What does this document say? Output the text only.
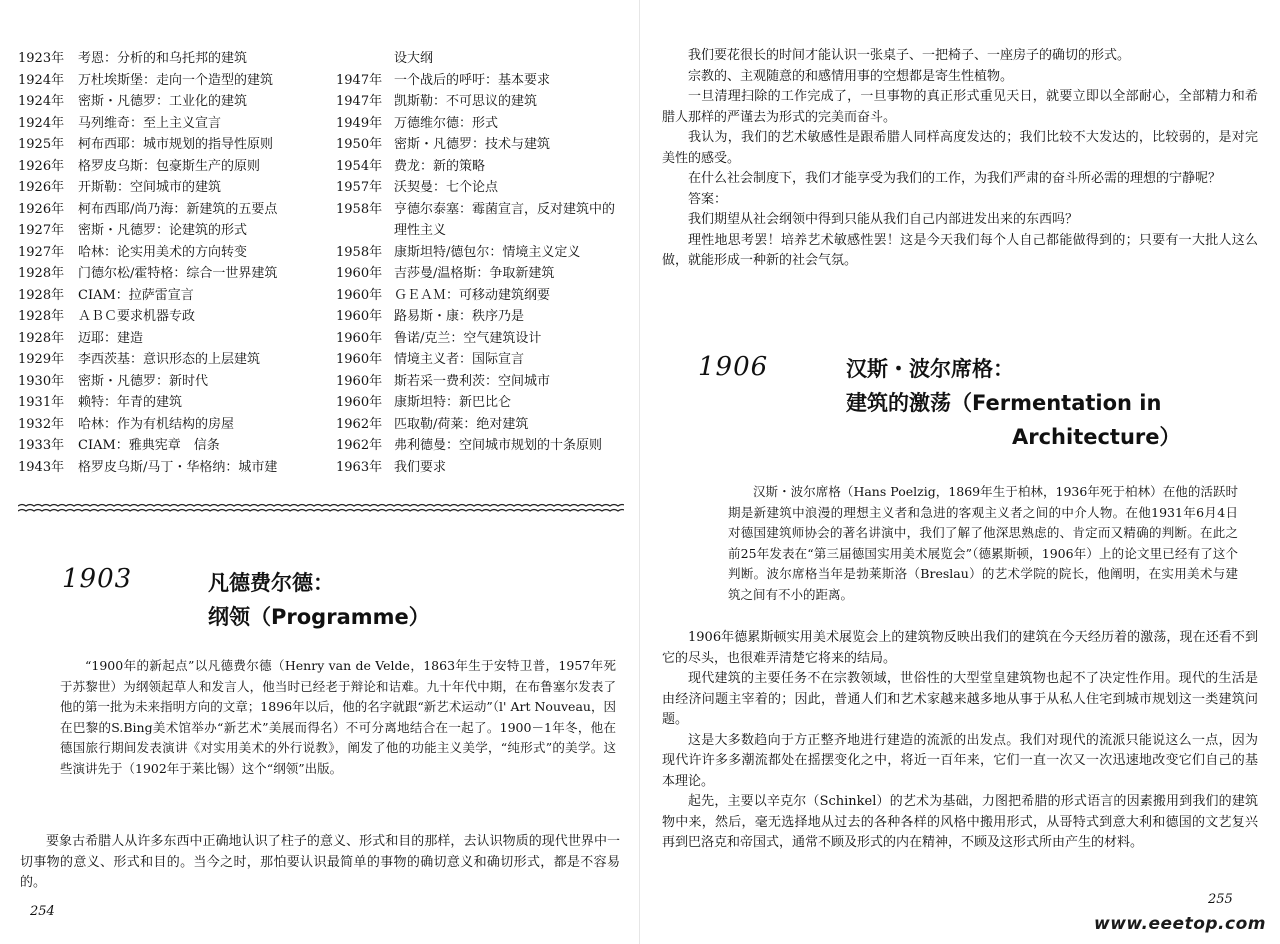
1923年	考恩：分析的和乌托邦的建筑
1924年	万杜埃斯堡：走向一个造型的建筑
1924年	密斯・凡德罗：工业化的建筑
1924年	马列维奇：至上主义宣言
1925年	柯布西耶：城市规划的指导性原则
1926年	格罗皮乌斯：包豪斯生产的原则
1926年	开斯勒：空间城市的建筑
1926年	柯布西耶/尚乃海：新建筑的五要点
1927年	密斯・凡德罗：论建筑的形式
1927年	哈林：论实用美术的方向转变
1928年	门德尔松/霍特格：综合一世界建筑
1928年	CIAM：拉萨雷宣言
1928年	ＡＢＣ要求机器专政
1928年	迈耶：建造
1929年	李西茨基：意识形态的上层建筑
1930年	密斯・凡德罗：新时代
1931年	赖特：年青的建筑
1932年	哈林：作为有机结构的房屋
1933年	CIAM：雅典宪章　信条
1943年	格罗皮乌斯/马丁・华格纳：城市建
设大纲
1947年 一个战后的呼吁：基本要求
1947年 凯斯勒：不可思议的建筑
1949年 万德维尔德：形式
1950年 密斯・凡德罗：技术与建筑
1954年 费龙：新的策略
1957年 沃契曼：七个论点
1958年 亨德尔泰塞：霉菌宣言，反对建筑中的理性主义
1958年 康斯坦特/德包尔：情境主义定义
1960年 吉莎曼/温格斯：争取新建筑
1960年 ＧＥＡＭ：可移动建筑纲要
1960年 路易斯・康：秩序乃是
1960年 鲁诺/克兰：空气建筑设计
1960年 情境主义者：国际宣言
1960年 斯若采一费利茨：空间城市
1960年 康斯坦特：新巴比仑
1962年 匹取勒/荷莱：绝对建筑
1962年 弗利德曼：空间城市规划的十条原则
1963年 我们要求
1903	凡德费尔德：
纲领（Programme）

“1900年的新起点”以凡德费尔德（Henry van de Velde，1863年生于安特卫普，1957年死于苏黎世）为纲领起草人和发言人，他当时已经老于辩论和诘难。九十年代中期，在布鲁塞尔发表了他的第一批为未来指明方向的文章；1896年以后，他的名字就跟“新艺术运动”（l' Art Nouveau，因在巴黎的S.Bing美术馆举办“新艺术”美展而得名）不可分离地结合在一起了。1900－1年冬，他在德国旅行期间发表演讲《对实用美术的外行说教》，阐发了他的功能主义美学，“纯形式”的美学。这些演讲先于（1902年于莱比锡）这个“纲领”出版。

要象古希腊人从许多东西中正确地认识了柱子的意义、形式和目的那样，去认识物质的现代世界中一切事物的意义、形式和目的。当今之时，那怕要认识最简单的事物的确切意义和确切形式，都是不容易的。

254

我们要花很长的时间才能认识一张桌子、一把椅子、一座房子的确切的形式。

宗教的、主观随意的和感情用事的空想都是寄生性植物。

一旦清理扫除的工作完成了，一旦事物的真正形式重见天日，就要立即以全部耐心，全部精力和希腊人那样的严谨去为形式的完美而奋斗。

我认为，我们的艺术敏感性是跟希腊人同样高度发达的；我们比较不大发达的，比较弱的，是对完美性的感受。

在什么社会制度下，我们才能享受为我们的工作，为我们严肃的奋斗所必需的理想的宁静呢？

答案：

我们期望从社会纲领中得到只能从我们自己内部进发出来的东西吗？

理性地思考罢！培养艺术敏感性罢！这是今天我们每个人自己都能做得到的；只要有一大批人这么做，就能形成一种新的社会气氛。

1906	汉斯・波尔席格：
建筑的激荡（Fermentation in
Architecture）

汉斯・波尔席格（Hans Poelzig，1869年生于柏林，1936年死于柏林）在他的活跃时期是新建筑中浪漫的理想主义者和急进的客观主义者之间的中介人物。在他1931年6月4日对德国建筑师协会的著名讲演中，我们了解了他深思熟虑的、肯定而又精确的判断。在此之前25年发表在“第三届德国实用美术展览会”（德累斯顿，1906年）上的论文里已经有了这个判断。波尔席格当年是勃莱斯洛（Breslau）的艺术学院的院长，他阐明，在实用美术与建筑之间有不小的距离。

1906年德累斯顿实用美术展览会上的建筑物反映出我们的建筑在今天经历着的激荡，现在还看不到它的尽头，也很难弄清楚它将来的结局。

现代建筑的主要任务不在宗教领域，世俗性的大型堂皇建筑物也起不了决定性作用。现代的生活是由经济问题主宰着的；因此，普通人们和艺术家越来越多地从事于从私人住宅到城市规划这一类建筑问题。

这是大多数趋向于方正整齐地进行建造的流派的出发点。我们对现代的流派只能说这么一点，因为现代许许多多潮流都处在摇摆变化之中，将近一百年来，它们一直一次又一次迅速地改变它们自己的基本理论。

起先，主要以辛克尔（Schinkel）的艺术为基础，力图把希腊的形式语言的因素搬用到我们的建筑物中来，然后，毫无选择地从过去的各种各样的风格中搬用形式，从哥特式到意大利和德国的文艺复兴再到巴洛克和帝国式，通常不顾及形式的内在精神，不顾及这形式所由产生的材料。

255
www.eeetop.com
